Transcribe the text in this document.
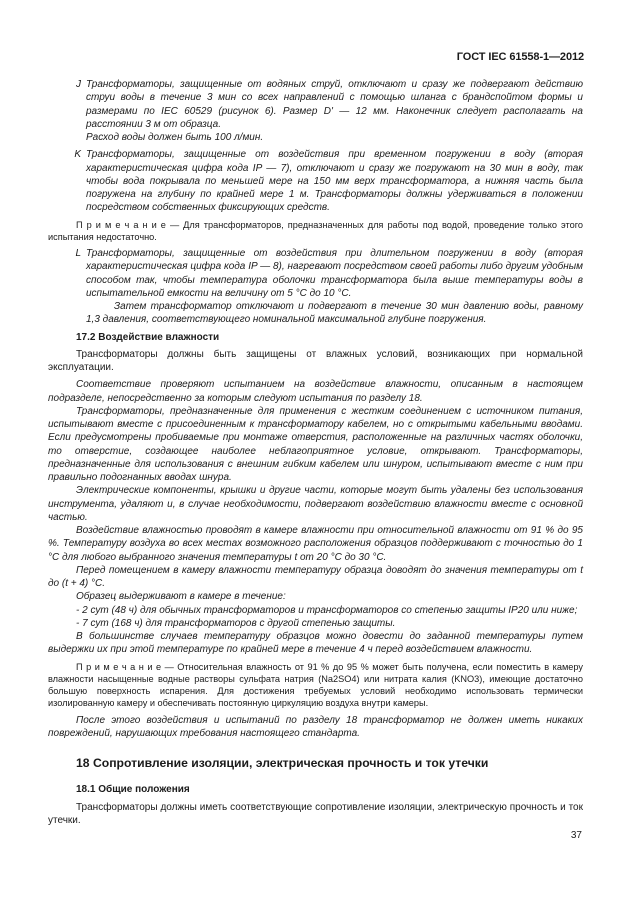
ГОСТ IEC 61558-1—2012
J Трансформаторы, защищенные от водяных струй, отключают и сразу же подвергают действию струи воды в течение 3 мин со всех направлений с помощью шланга с брандспойтом формы и размерами по IEC 60529 (рисунок 6). Размер D' — 12 мм. Наконечник следует располагать на расстоянии 3 м от образца.

Расход воды должен быть 100 л/мин.

K Трансформаторы, защищенные от воздействия при временном погружении в воду (вторая характеристическая цифра кода IP — 7), отключают и сразу же погружают на 30 мин в воду, так чтобы вода покрывала по меньшей мере на 150 мм верх трансформатора, а нижняя часть была погружена на глубину по крайней мере 1 м. Трансформаторы должны удерживаться в положении посредством собственных фиксирующих средств.

П р и м е ч а н и е — Для трансформаторов, предназначенных для работы под водой, проведение только этого испытания недостаточно.

L Трансформаторы, защищенные от воздействия при длительном погружении в воду (вторая характеристическая цифра кода IP — 8), нагревают посредством своей работы либо другим удобным способом так, чтобы температура оболочки трансформатора была выше температуры воды в испытательной емкости на величину от 5 °C до 10 °C.

Затем трансформатор отключают и подвергают в течение 30 мин давлению воды, равному 1,3 давления, соответствующего номинальной максимальной глубине погружения.

17.2 Воздействие влажности

Трансформаторы должны быть защищены от влажных условий, возникающих при нормальной эксплуатации.

Соответствие проверяют испытанием на воздействие влажности, описанным в настоящем подразделе, непосредственно за которым следуют испытания по разделу 18.

Трансформаторы, предназначенные для применения с жестким соединением с источником питания, испытывают вместе с присоединенным к трансформатору кабелем, но с открытыми кабельными вводами. Если предусмотрены пробиваемые при монтаже отверстия, расположенные на различных частях оболочки, то отверстие, создающее наиболее неблагоприятное условие, открывают. Трансформаторы, предназначенные для использования с внешним гибким кабелем или шнуром, испытывают вместе с ним при правильно подогнанных вводах шнура.

Электрические компоненты, крышки и другие части, которые могут быть удалены без использования инструмента, удаляют и, в случае необходимости, подвергают воздействию влажности вместе с основной частью.

Воздействие влажностью проводят в камере влажности при относительной влажности от 91 % до 95 %. Температуру воздуха во всех местах возможного расположения образцов поддерживают с точностью до 1 °C для любого выбранного значения температуры t от 20 °C до 30 °C.

Перед помещением в камеру влажности температуру образца доводят до значения температуры от t до (t + 4) °C.

Образец выдерживают в камере в течение:

- 2 сут (48 ч) для обычных трансформаторов и трансформаторов со степенью защиты IP20 или ниже;

- 7 сут (168 ч) для трансформаторов с другой степенью защиты.

В большинстве случаев температуру образцов можно довести до заданной температуры путем выдержки их при этой температуре по крайней мере в течение 4 ч перед воздействием влажности.

П р и м е ч а н и е — Относительная влажность от 91 % до 95 % может быть получена, если поместить в камеру влажности насыщенные водные растворы сульфата натрия (Na2SO4) или нитрата калия (KNO3), имеющие достаточно большую поверхность испарения. Для достижения требуемых условий необходимо использовать термически изолированную камеру и обеспечивать постоянную циркуляцию воздуха внутри камеры.

После этого воздействия и испытаний по разделу 18 трансформатор не должен иметь никаких повреждений, нарушающих требования настоящего стандарта.

18 Сопротивление изоляции, электрическая прочность и ток утечки

18.1 Общие положения

Трансформаторы должны иметь соответствующие сопротивление изоляции, электрическую прочность и ток утечки.

37
